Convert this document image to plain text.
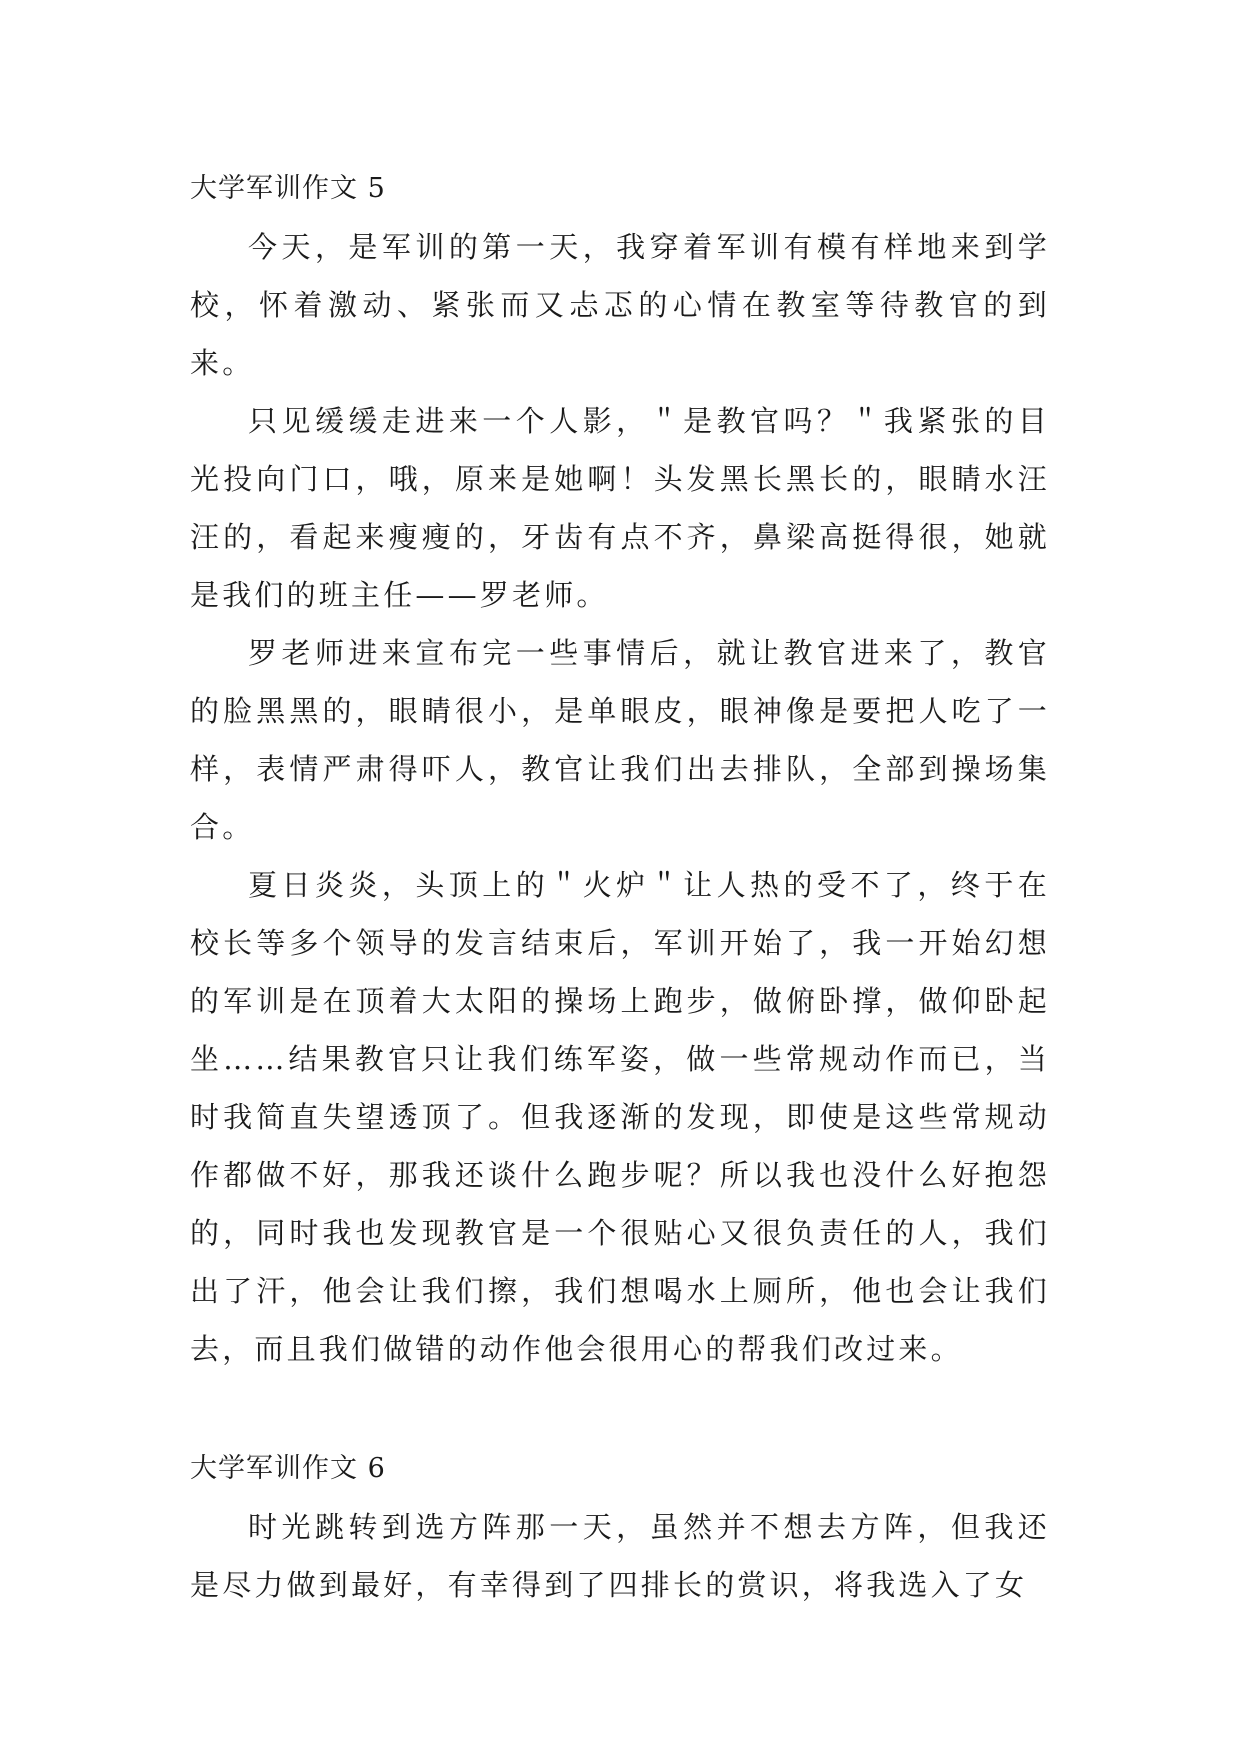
大学军训作文 5

今天，是军训的第一天，我穿着军训有模有样地来到学校，怀着激动、紧张而又忐忑的心情在教室等待教官的到来。

只见缓缓走进来一个人影，＂是教官吗？＂我紧张的目光投向门口，哦，原来是她啊！头发黑长黑长的，眼睛水汪汪的，看起来瘦瘦的，牙齿有点不齐，鼻梁高挺得很，她就是我们的班主任——罗老师。

罗老师进来宣布完一些事情后，就让教官进来了，教官的脸黑黑的，眼睛很小，是单眼皮，眼神像是要把人吃了一样，表情严肃得吓人，教官让我们出去排队，全部到操场集合。

夏日炎炎，头顶上的＂火炉＂让人热的受不了，终于在校长等多个领导的发言结束后，军训开始了，我一开始幻想的军训是在顶着大太阳的操场上跑步，做俯卧撑，做仰卧起坐……结果教官只让我们练军姿，做一些常规动作而已，当时我简直失望透顶了。但我逐渐的发现，即使是这些常规动作都做不好，那我还谈什么跑步呢？所以我也没什么好抱怨的，同时我也发现教官是一个很贴心又很负责任的人，我们出了汗，他会让我们擦，我们想喝水上厕所，他也会让我们去，而且我们做错的动作他会很用心的帮我们改过来。

大学军训作文 6

时光跳转到选方阵那一天，虽然并不想去方阵，但我还是尽力做到最好，有幸得到了四排长的赏识，将我选入了女
